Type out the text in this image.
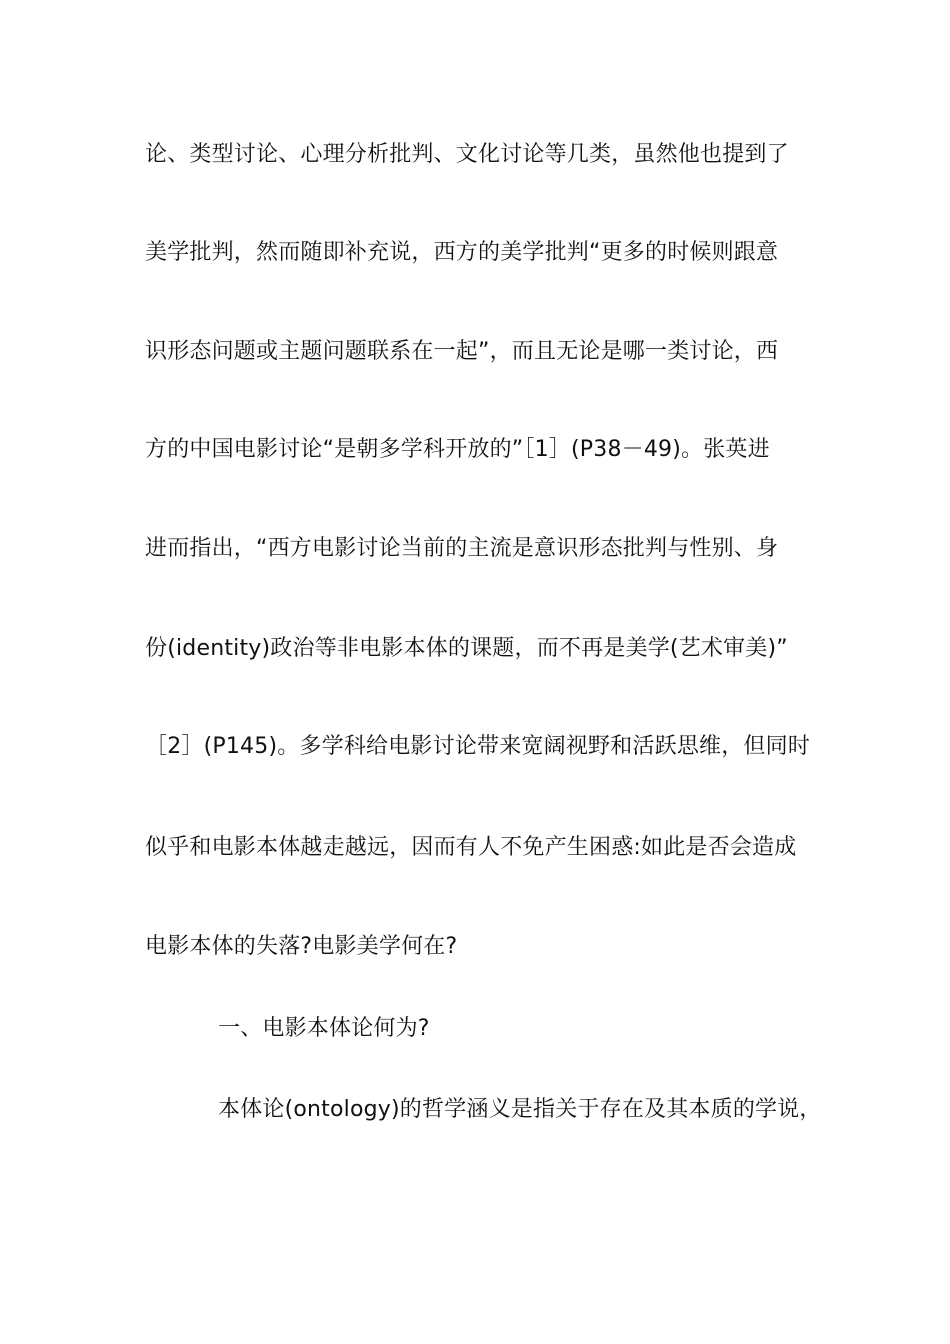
论、类型讨论、心理分析批判、文化讨论等几类，虽然他也提到了
美学批判，然而随即补充说，西方的美学批判“更多的时候则跟意
识形态问题或主题问题联系在一起”，而且无论是哪一类讨论，西
方的中国电影讨论“是朝多学科开放的”［1］(P38－49)。张英进
进而指出，“西方电影讨论当前的主流是意识形态批判与性别、身
份(identity)政治等非电影本体的课题，而不再是美学(艺术审美)”
［2］(P145)。多学科给电影讨论带来宽阔视野和活跃思维，但同时
似乎和电影本体越走越远，因而有人不免产生困惑:如此是否会造成
电影本体的失落?电影美学何在?
一、电影本体论何为?
本体论(ontology)的哲学涵义是指关于存在及其本质的学说，
